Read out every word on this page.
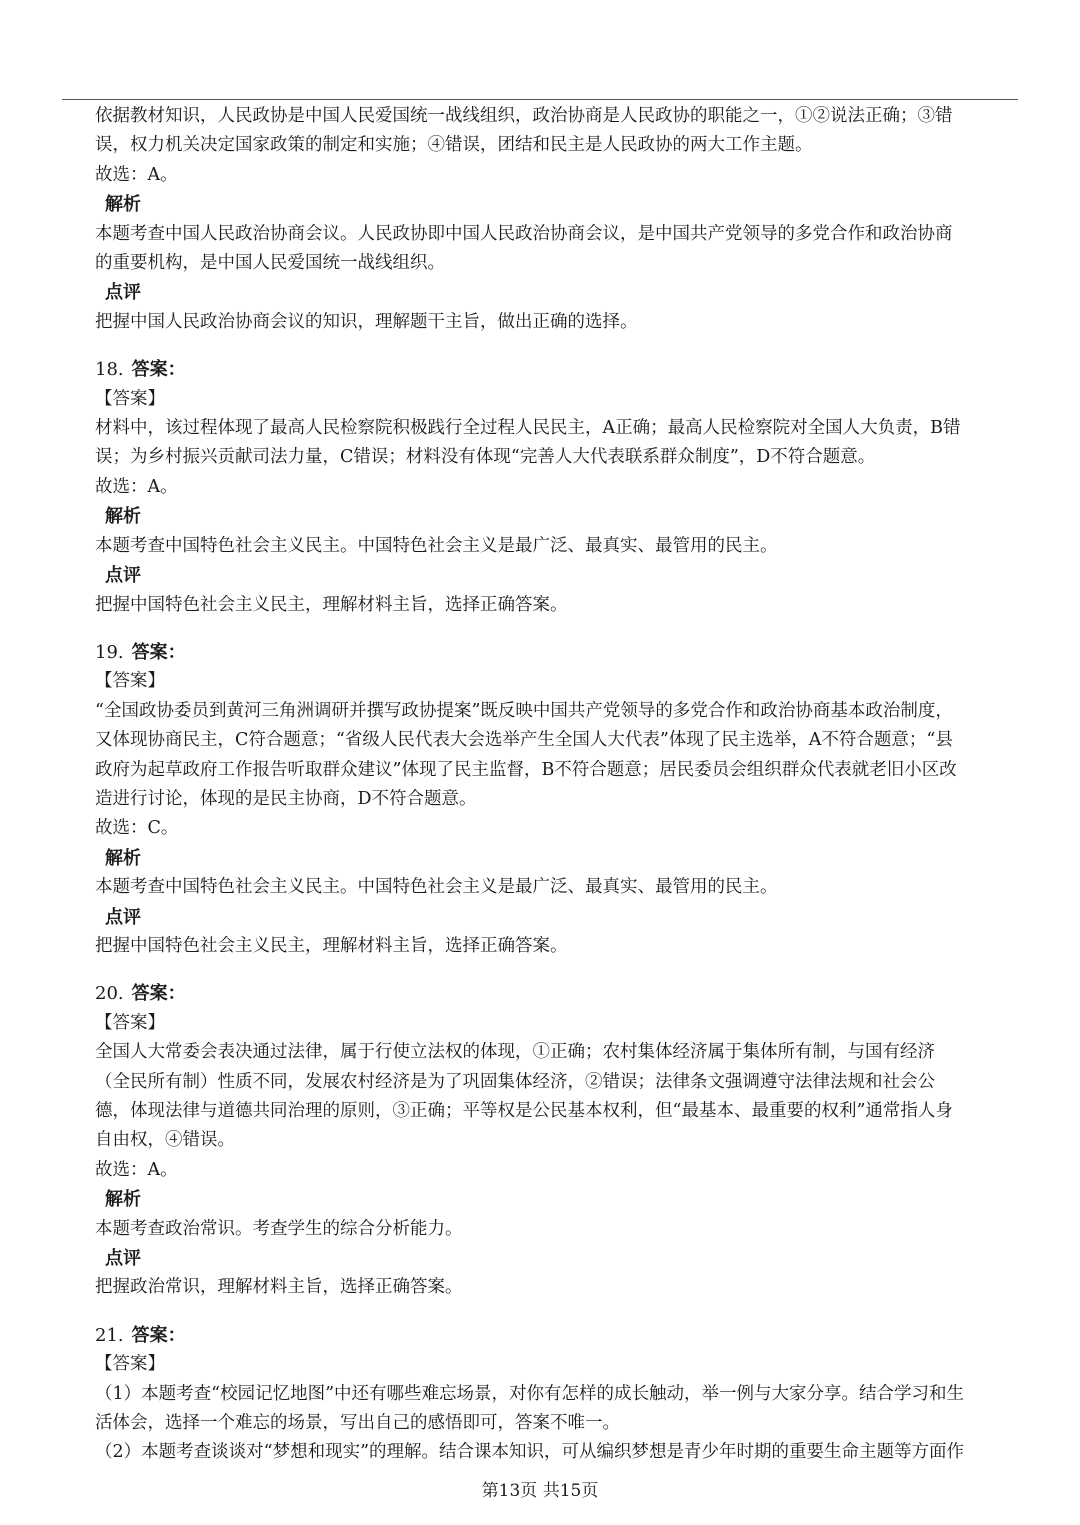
依据教材知识，人民政协是中国人民爱国统一战线组织，政治协商是人民政协的职能之一，①②说法正确；③错
误，权力机关决定国家政策的制定和实施；④错误，团结和民主是人民政协的两大工作主题。
故选：A。
解析
本题考查中国人民政治协商会议。人民政协即中国人民政治协商会议，是中国共产党领导的多党合作和政治协商
的重要机构，是中国人民爱国统一战线组织。
点评
把握中国人民政治协商会议的知识，理解题干主旨，做出正确的选择。
18. 答案：
【答案】
材料中，该过程体现了最高人民检察院积极践行全过程人民民主，A正确；最高人民检察院对全国人大负责，B错
误；为乡村振兴贡献司法力量，C错误；材料没有体现“完善人大代表联系群众制度”，D不符合题意。
故选：A。
解析
本题考查中国特色社会主义民主。中国特色社会主义是最广泛、最真实、最管用的民主。
点评
把握中国特色社会主义民主，理解材料主旨，选择正确答案。
19. 答案：
【答案】
“全国政协委员到黄河三角洲调研并撰写政协提案”既反映中国共产党领导的多党合作和政治协商基本政治制度，
又体现协商民主，C符合题意；“省级人民代表大会选举产生全国人大代表”体现了民主选举，A不符合题意；“县
政府为起草政府工作报告听取群众建议”体现了民主监督，B不符合题意；居民委员会组织群众代表就老旧小区改
造进行讨论，体现的是民主协商，D不符合题意。
故选：C。
解析
本题考查中国特色社会主义民主。中国特色社会主义是最广泛、最真实、最管用的民主。
点评
把握中国特色社会主义民主，理解材料主旨，选择正确答案。
20. 答案：
【答案】
全国人大常委会表决通过法律，属于行使立法权的体现，①正确；农村集体经济属于集体所有制，与国有经济
（全民所有制）性质不同，发展农村经济是为了巩固集体经济，②错误；法律条文强调遵守法律法规和社会公
德，体现法律与道德共同治理的原则，③正确；平等权是公民基本权利，但“最基本、最重要的权利”通常指人身
自由权，④错误。
故选：A。
解析
本题考查政治常识。考查学生的综合分析能力。
点评
把握政治常识，理解材料主旨，选择正确答案。
21. 答案：
【答案】
（1）本题考查“校园记忆地图”中还有哪些难忘场景，对你有怎样的成长触动，举一例与大家分享。结合学习和生
活体会，选择一个难忘的场景，写出自己的感悟即可，答案不唯一。
（2）本题考查谈谈对“梦想和现实”的理解。结合课本知识，可从编织梦想是青少年时期的重要生命主题等方面作
第13页 共15页
